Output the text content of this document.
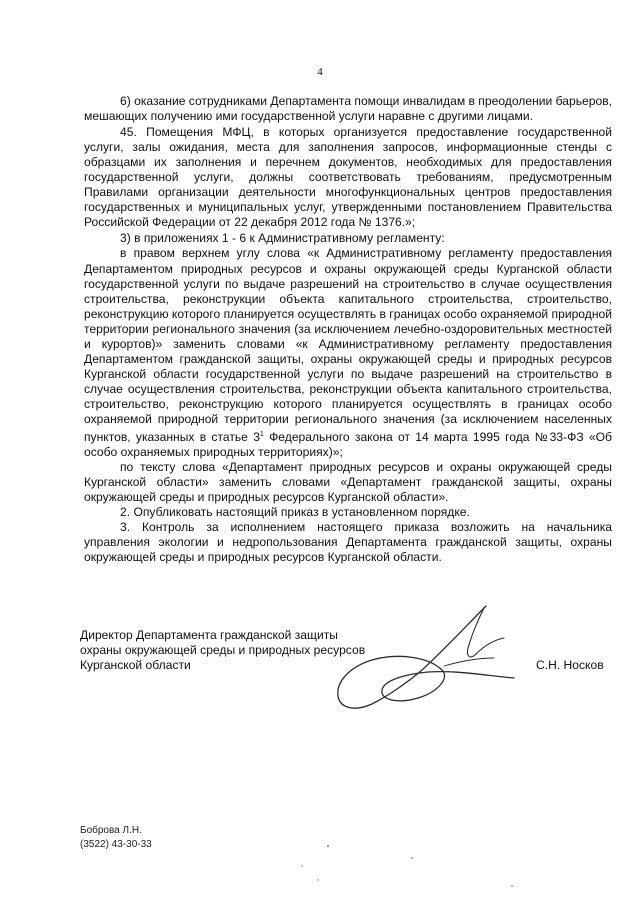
4

6) оказание сотрудниками Департамента помощи инвалидам в преодолении барьеров, мешающих получению ими государственной услуги наравне с другими лицами.

45. Помещения МФЦ, в которых организуется предоставление государственной услуги, залы ожидания, места для заполнения запросов, информационные стенды с образцами их заполнения и перечнем документов, необходимых для предоставления государственной услуги, должны соответствовать требованиям, предусмотренным Правилами организации деятельности многофункциональных центров предоставления государственных и муниципальных услуг, утвержденными постановлением Правительства Российской Федерации от 22 декабря 2012 года № 1376.»;

3) в приложениях 1 - 6 к Административному регламенту:

в правом верхнем углу слова «к Административному регламенту предоставления Департаментом природных ресурсов и охраны окружающей среды Курганской области государственной услуги по выдаче разрешений на строительство в случае осуществления строительства, реконструкции объекта капитального строительства, строительство, реконструкцию которого планируется осуществлять в границах особо охраняемой природной территории регионального значения (за исключением лечебно-оздоровительных местностей и курортов)» заменить словами «к Административному регламенту предоставления Департаментом гражданской защиты, охраны окружающей среды и природных ресурсов Курганской области государственной услуги по выдаче разрешений на строительство в случае осуществления строительства, реконструкции объекта капитального строительства, строительство, реконструкцию которого планируется осуществлять в границах особо охраняемой природной территории регионального значения (за исключением населенных пунктов, указанных в статье $3^1$ Федерального закона от 14 марта 1995 года №33-ФЗ «Об особо охраняемых природных территориях)»;

по тексту слова «Департамент природных ресурсов и охраны окружающей среды Курганской области» заменить словами «Департамент гражданской защиты, охраны окружающей среды и природных ресурсов Курганской области».

2. Опубликовать настоящий приказ в установленном порядке.

3. Контроль за исполнением настоящего приказа возложить на начальника управления экологии и недропользования Департамента гражданской защиты, охраны окружающей среды и природных ресурсов Курганской области.

Директор Департамента гражданской защиты
охраны окружающей среды и природных ресурсов
Курганской области	С.Н. Носков
Боброва Л.Н.
(3522) 43-30-33
